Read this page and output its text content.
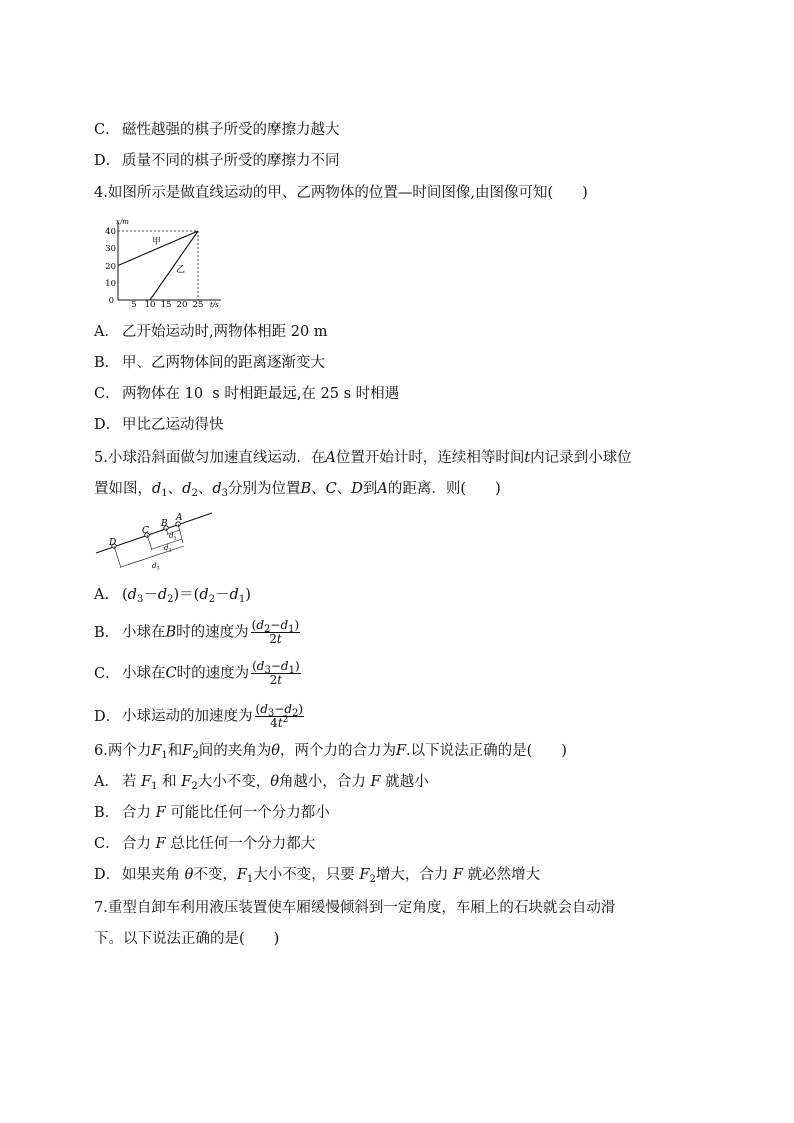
C． 磁性越强的棋子所受的摩擦力越大
D． 质量不同的棋子所受的摩擦力不同
4.如图所示是做直线运动的甲、乙两物体的位置—时间图像,由图像可知(　　)
x/m
t/s
40
30
20
10
0 5 10 15 20 25
甲
乙
A． 乙开始运动时,两物体相距 20 m
B． 甲、乙两物体间的距离逐渐变大
C． 两物体在 10  s 时相距最远,在 25 s 时相遇
D． 甲比乙运动得快
5.小球沿斜面做匀加速直线运动．在A位置开始计时，连续相等时间t内记录到小球位
置如图，$d_1$、$d_2$、$d_3$分别为位置B、C、D到A的距离．则(　　)
D
C
B
A
$d_1$
$d_2$
$d_3$
A． $(d_3-d_2)=(d_2-d_1)$
B． 小球在B时的速度为 $\frac{(d_2-d_1)}{2t}$
C． 小球在C时的速度为 $\frac{(d_3-d_1)}{2t}$
D． 小球运动的加速度为 $\frac{(d_3-d_2)}{4t^2}$
6.两个力$F_1$和$F_2$间的夹角为θ，两个力的合力为F.以下说法正确的是(　　)
A． 若 $F_1$ 和 $F_2$大小不变，θ角越小，合力 F 就越小
B． 合力 F 可能比任何一个分力都小
C． 合力 F 总比任何一个分力都大
D． 如果夹角 θ不变，$F_1$大小不变，只要 $F_2$增大，合力 F 就必然增大
7.重型自卸车利用液压装置使车厢缓慢倾斜到一定角度，车厢上的石块就会自动滑
下。以下说法正确的是(　　)
